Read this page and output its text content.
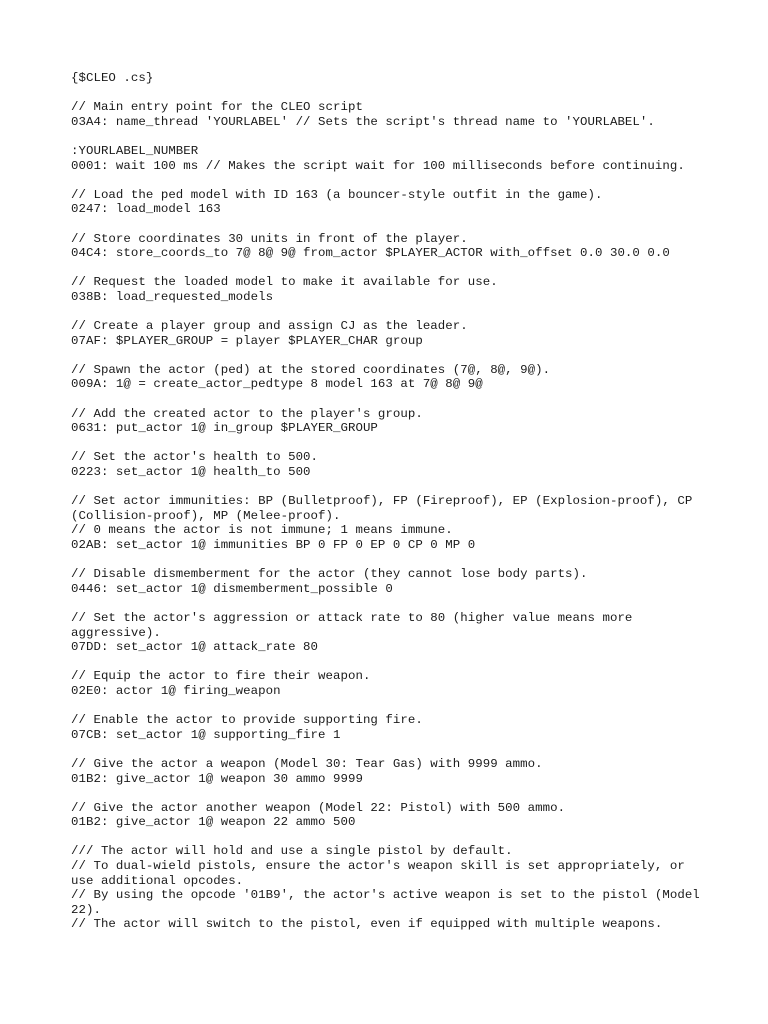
{$CLEO .cs}
// Main entry point for the CLEO script
03A4: name_thread 'YOURLABEL' // Sets the script's thread name to 'YOURLABEL'.
:YOURLABEL_NUMBER
0001: wait 100 ms // Makes the script wait for 100 milliseconds before continuing.
// Load the ped model with ID 163 (a bouncer-style outfit in the game).
0247: load_model 163
// Store coordinates 30 units in front of the player.
04C4: store_coords_to 7@ 8@ 9@ from_actor $PLAYER_ACTOR with_offset 0.0 30.0 0.0
// Request the loaded model to make it available for use.
038B: load_requested_models
// Create a player group and assign CJ as the leader.
07AF: $PLAYER_GROUP = player $PLAYER_CHAR group
// Spawn the actor (ped) at the stored coordinates (7@, 8@, 9@).
009A: 1@ = create_actor_pedtype 8 model 163 at 7@ 8@ 9@
// Add the created actor to the player's group.
0631: put_actor 1@ in_group $PLAYER_GROUP
// Set the actor's health to 500.
0223: set_actor 1@ health_to 500
// Set actor immunities: BP (Bulletproof), FP (Fireproof), EP (Explosion-proof), CP (Collision-proof), MP (Melee-proof).
// 0 means the actor is not immune; 1 means immune.
02AB: set_actor 1@ immunities BP 0 FP 0 EP 0 CP 0 MP 0
// Disable dismemberment for the actor (they cannot lose body parts).
0446: set_actor 1@ dismemberment_possible 0
// Set the actor's aggression or attack rate to 80 (higher value means more aggressive).
07DD: set_actor 1@ attack_rate 80
// Equip the actor to fire their weapon.
02E0: actor 1@ firing_weapon
// Enable the actor to provide supporting fire.
07CB: set_actor 1@ supporting_fire 1
// Give the actor a weapon (Model 30: Tear Gas) with 9999 ammo.
01B2: give_actor 1@ weapon 30 ammo 9999
// Give the actor another weapon (Model 22: Pistol) with 500 ammo.
01B2: give_actor 1@ weapon 22 ammo 500
/// The actor will hold and use a single pistol by default.
// To dual-wield pistols, ensure the actor's weapon skill is set appropriately, or use additional opcodes.
// By using the opcode '01B9', the actor's active weapon is set to the pistol (Model 22).
// The actor will switch to the pistol, even if equipped with multiple weapons.
